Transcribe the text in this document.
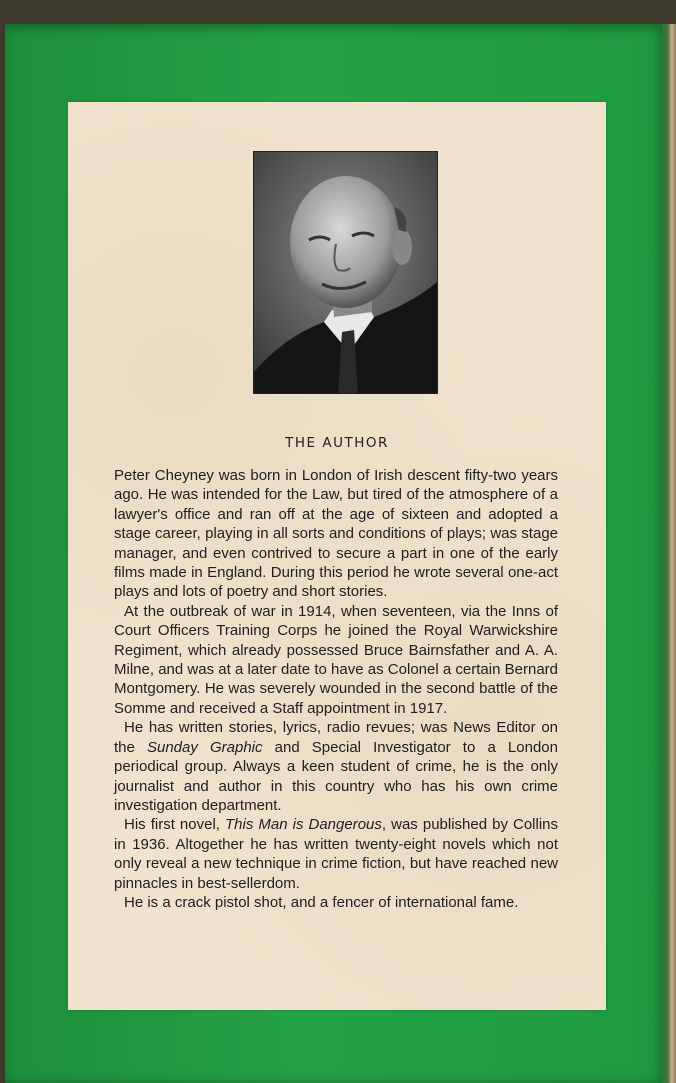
THE AUTHOR

Peter Cheyney was born in London of Irish descent fifty-two years ago. He was intended for the Law, but tired of the atmosphere of a lawyer's office and ran off at the age of sixteen and adopted a stage career, playing in all sorts and conditions of plays; was stage manager, and even contrived to secure a part in one of the early films made in England. During this period he wrote several one-act plays and lots of poetry and short stories.

At the outbreak of war in 1914, when seventeen, via the Inns of Court Officers Training Corps he joined the Royal Warwickshire Regiment, which already possessed Bruce Bairnsfather and A. A. Milne, and was at a later date to have as Colonel a certain Bernard Montgomery. He was severely wounded in the second battle of the Somme and received a Staff appointment in 1917.

He has written stories, lyrics, radio revues; was News Editor on the Sunday Graphic and Special Investigator to a London periodical group. Always a keen student of crime, he is the only journalist and author in this country who has his own crime investigation department.

His first novel, This Man is Dangerous, was published by Collins in 1936. Altogether he has written twenty-eight novels which not only reveal a new technique in crime fiction, but have reached new pinnacles in best-sellerdom.

He is a crack pistol shot, and a fencer of international fame.
